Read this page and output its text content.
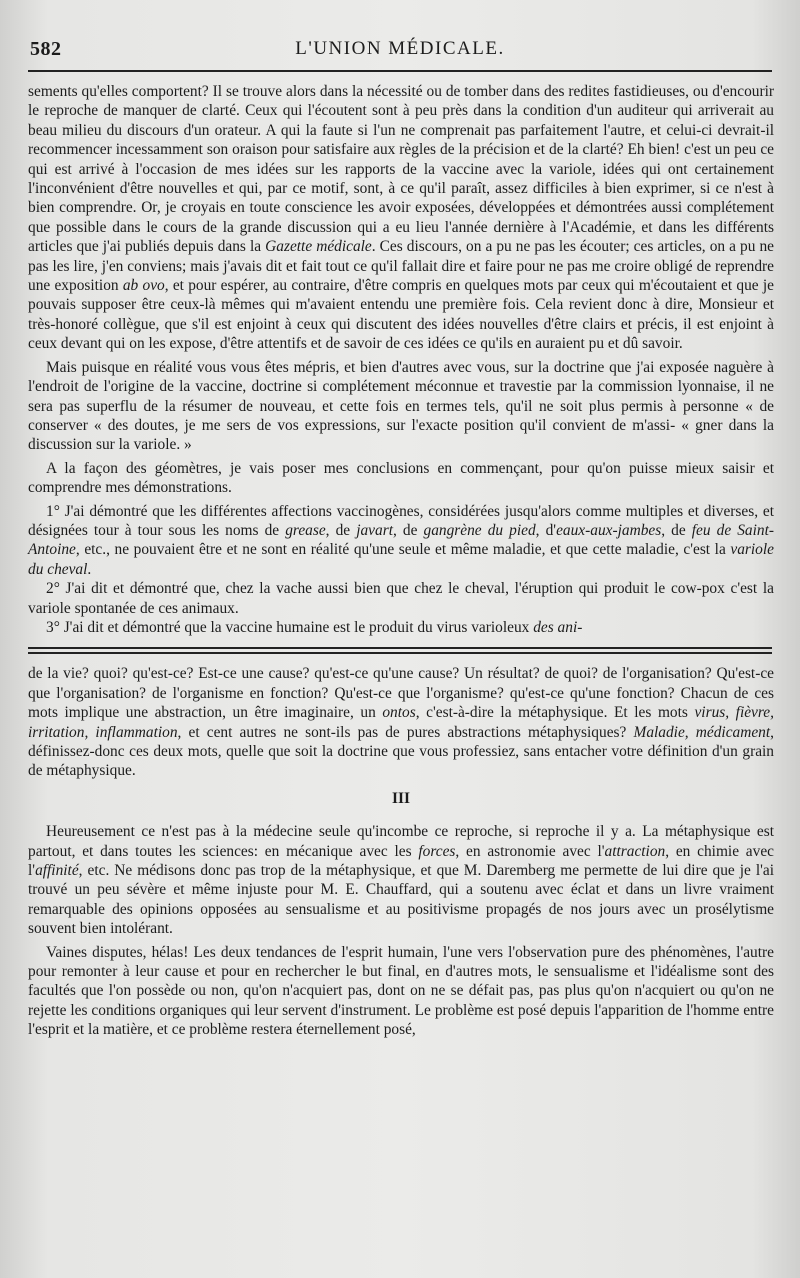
582	L'UNION MÉDICALE.

sements qu'elles comportent? Il se trouve alors dans la nécessité ou de tomber dans des redites fastidieuses, ou d'encourir le reproche de manquer de clarté. Ceux qui l'écoutent sont à peu près dans la condition d'un auditeur qui arriverait au beau milieu du discours d'un orateur. A qui la faute si l'un ne comprenait pas parfaitement l'autre, et celui-ci devrait-il recommencer incessamment son oraison pour satisfaire aux règles de la précision et de la clarté? Eh bien! c'est un peu ce qui est arrivé à l'occasion de mes idées sur les rapports de la vaccine avec la variole, idées qui ont certainement l'inconvénient d'être nouvelles et qui, par ce motif, sont, à ce qu'il paraît, assez difficiles à bien exprimer, si ce n'est à bien comprendre. Or, je croyais en toute conscience les avoir exposées, développées et démontrées aussi complétement que possible dans le cours de la grande discussion qui a eu lieu l'année dernière à l'Académie, et dans les différents articles que j'ai publiés depuis dans la Gazette médicale. Ces discours, on a pu ne pas les écouter; ces articles, on a pu ne pas les lire, j'en conviens; mais j'avais dit et fait tout ce qu'il fallait dire et faire pour ne pas me croire obligé de reprendre une exposition ab ovo, et pour espérer, au contraire, d'être compris en quelques mots par ceux qui m'écoutaient et que je pouvais supposer être ceux-là mêmes qui m'avaient entendu une première fois. Cela revient donc à dire, Monsieur et très-honoré collègue, que s'il est enjoint à ceux qui discutent des idées nouvelles d'être clairs et précis, il est enjoint à ceux devant qui on les expose, d'être attentifs et de savoir de ces idées ce qu'ils en auraient pu et dû savoir.

Mais puisque en réalité vous vous êtes mépris, et bien d'autres avec vous, sur la doctrine que j'ai exposée naguère à l'endroit de l'origine de la vaccine, doctrine si complétement méconnue et travestie par la commission lyonnaise, il ne sera pas superflu de la résumer de nouveau, et cette fois en termes tels, qu'il ne soit plus permis à personne « de conserver « des doutes, je me sers de vos expressions, sur l'exacte position qu'il convient de m'assi- « gner dans la discussion sur la variole. »

A la façon des géomètres, je vais poser mes conclusions en commençant, pour qu'on puisse mieux saisir et comprendre mes démonstrations.

1° J'ai démontré que les différentes affections vaccinogènes, considérées jusqu'alors comme multiples et diverses, et désignées tour à tour sous les noms de grease, de javart, de gangrène du pied, d'eaux-aux-jambes, de feu de Saint-Antoine, etc., ne pouvaient être et ne sont en réalité qu'une seule et même maladie, et que cette maladie, c'est la variole du cheval.

2° J'ai dit et démontré que, chez la vache aussi bien que chez le cheval, l'éruption qui produit le cow-pox c'est la variole spontanée de ces animaux.

3° J'ai dit et démontré que la vaccine humaine est le produit du virus varioleux des ani-

de la vie? quoi? qu'est-ce? Est-ce une cause? qu'est-ce qu'une cause? Un résultat? de quoi? de l'organisation? Qu'est-ce que l'organisation? de l'organisme en fonction? Qu'est-ce que l'organisme? qu'est-ce qu'une fonction? Chacun de ces mots implique une abstraction, un être imaginaire, un ontos, c'est-à-dire la métaphysique. Et les mots virus, fièvre, irritation, inflammation, et cent autres ne sont-ils pas de pures abstractions métaphysiques? Maladie, médicament, définissez-donc ces deux mots, quelle que soit la doctrine que vous professiez, sans entacher votre définition d'un grain de métaphysique.

III

Heureusement ce n'est pas à la médecine seule qu'incombe ce reproche, si reproche il y a. La métaphysique est partout, et dans toutes les sciences: en mécanique avec les forces, en astronomie avec l'attraction, en chimie avec l'affinité, etc. Ne médisons donc pas trop de la métaphysique, et que M. Daremberg me permette de lui dire que je l'ai trouvé un peu sévère et même injuste pour M. E. Chauffard, qui a soutenu avec éclat et dans un livre vraiment remarquable des opinions opposées au sensualisme et au positivisme propagés de nos jours avec un prosélytisme souvent bien intolérant.

Vaines disputes, hélas! Les deux tendances de l'esprit humain, l'une vers l'observation pure des phénomènes, l'autre pour remonter à leur cause et pour en rechercher le but final, en d'autres mots, le sensualisme et l'idéalisme sont des facultés que l'on possède ou non, qu'on n'acquiert pas, dont on ne se défait pas, pas plus qu'on n'acquiert ou qu'on ne rejette les conditions organiques qui leur servent d'instrument. Le problème est posé depuis l'apparition de l'homme entre l'esprit et la matière, et ce problème restera éternellement posé,
